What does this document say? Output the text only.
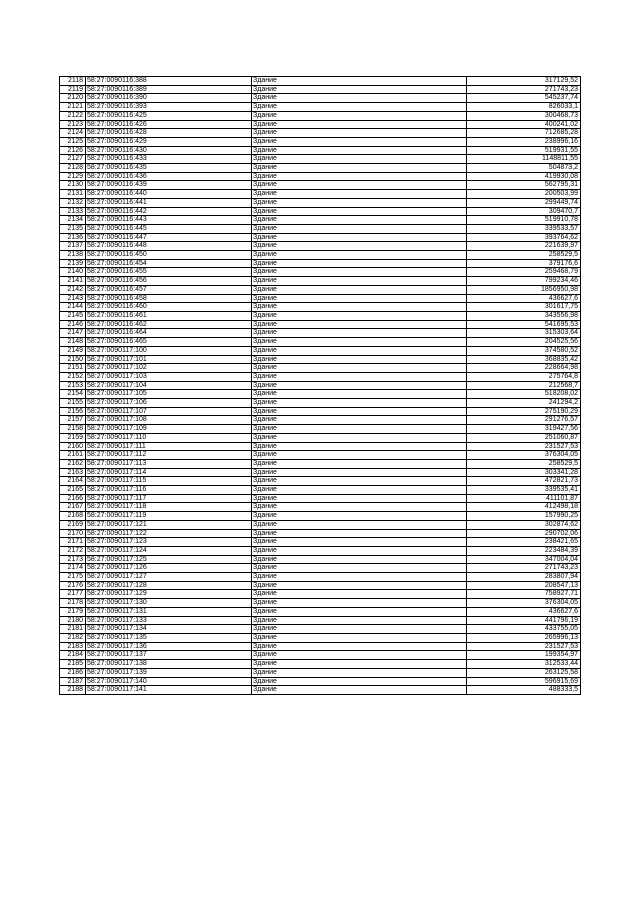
2118	58:27:0090116:388	Здание	317129,52
2119	58:27:0090116:389	Здание	271743,23
2120	58:27:0090116:390	Здание	545237,74
2121	58:27:0090116:393	Здание	826033,1
2122	58:27:0090116:425	Здание	300468,73
2123	58:27:0090116:426	Здание	400241,02
2124	58:27:0090116:428	Здание	712685,28
2125	58:27:0090116:429	Здание	238996,16
2126	58:27:0090116:430	Здание	519931,55
2127	58:27:0090116:433	Здание	1148811,55
2128	58:27:0090116:435	Здание	504873,2
2129	58:27:0090116:436	Здание	419930,08
2130	58:27:0090116:439	Здание	562795,31
2131	58:27:0090116:440	Здание	200503,99
2132	58:27:0090116:441	Здание	299449,74
2133	58:27:0090116:442	Здание	309470,7
2134	58:27:0090116:443	Здание	519910,78
2135	58:27:0090116:445	Здание	339533,57
2136	58:27:0090116:447	Здание	393764,62
2137	58:27:0090116:448	Здание	221639,97
2138	58:27:0090116:450	Здание	258529,5
2139	58:27:0090116:454	Здание	379176,6
2140	58:27:0090116:455	Здание	259468,79
2141	58:27:0090116:456	Здание	799234,46
2142	58:27:0090116:457	Здание	1856950,98
2143	58:27:0090116:458	Здание	436627,6
2144	58:27:0090116:460	Здание	301617,75
2145	58:27:0090116:461	Здание	343556,98
2146	58:27:0090116:462	Здание	541695,53
2147	58:27:0090116:464	Здание	315303,64
2148	58:27:0090116:465	Здание	204525,56
2149	58:27:0090117:100	Здание	374580,52
2150	58:27:0090117:101	Здание	368835,42
2151	58:27:0090117:102	Здание	228664,98
2152	58:27:0090117:103	Здание	275764,8
2153	58:27:0090117:104	Здание	212568,7
2154	58:27:0090117:105	Здание	518208,02
2155	58:27:0090117:106	Здание	241294,2
2156	58:27:0090117:107	Здание	275190,29
2157	58:27:0090117:108	Здание	291276,57
2158	58:27:0090117:109	Здание	319427,56
2159	58:27:0090117:110	Здание	251060,87
2160	58:27:0090117:111	Здание	231527,53
2161	58:27:0090117:112	Здание	376304,05
2162	58:27:0090117:113	Здание	258529,5
2163	58:27:0090117:114	Здание	303341,28
2164	58:27:0090117:115	Здание	472821,73
2165	58:27:0090117:116	Здание	339535,41
2166	58:27:0090117:117	Здание	411101,87
2167	58:27:0090117:118	Здание	412498,18
2168	58:27:0090117:119	Здание	157990,25
2169	58:27:0090117:121	Здание	302874,62
2170	58:27:0090117:122	Здание	290702,06
2171	58:27:0090117:123	Здание	238421,65
2172	58:27:0090117:124	Здание	223484,39
2173	58:27:0090117:125	Здание	347004,04
2174	58:27:0090117:126	Здание	271743,23
2175	58:27:0090117:127	Здание	283807,94
2176	58:27:0090117:128	Здание	208547,13
2177	58:27:0090117:129	Здание	758927,71
2178	58:27:0090117:130	Здание	376304,05
2179	58:27:0090117:131	Здание	436627,6
2180	58:27:0090117:133	Здание	441796,19
2181	58:27:0090117:134	Здание	433755,05
2182	58:27:0090117:135	Здание	265996,13
2183	58:27:0090117:136	Здание	231527,53
2184	58:27:0090117:137	Здание	199354,97
2185	58:27:0090117:138	Здание	312533,44
2186	58:27:0090117:139	Здание	263125,58
2187	58:27:0090117:140	Здание	596915,69
2188	58:27:0090117:141	Здание	488333,5
